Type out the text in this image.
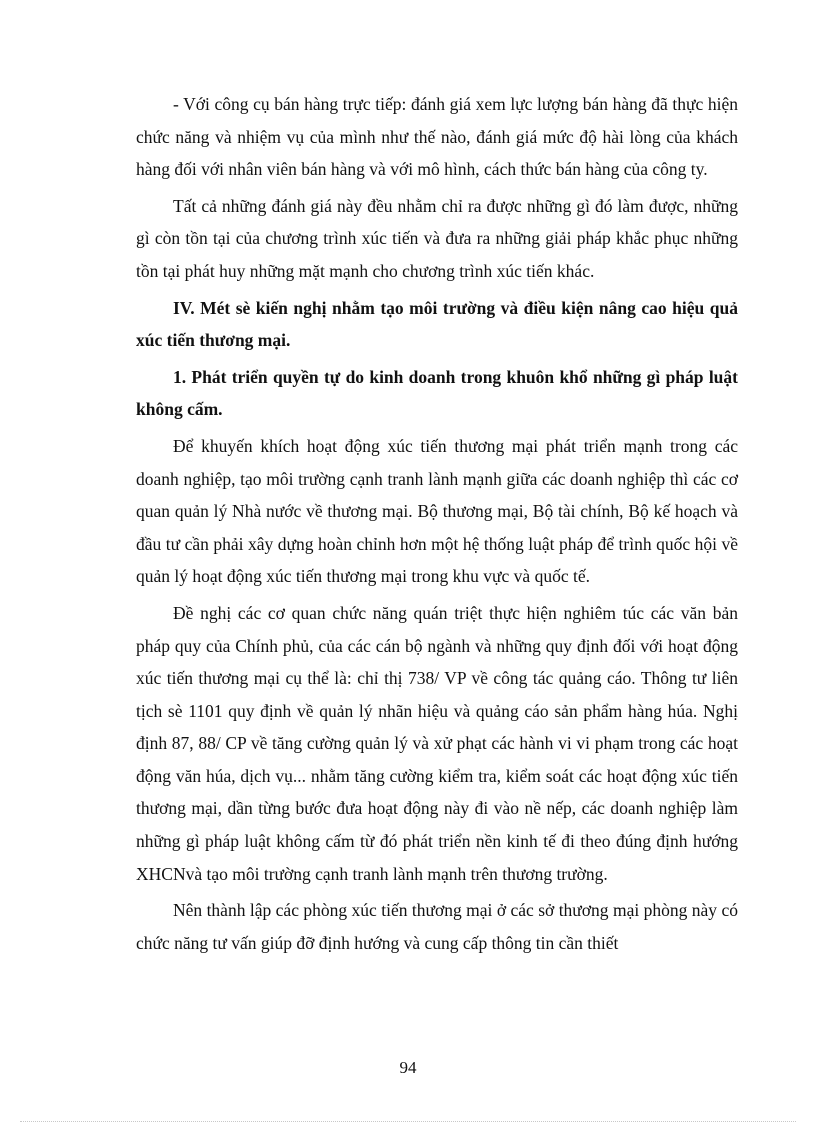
- Với công cụ bán hàng trực tiếp: đánh giá xem lực lượng bán hàng đã thực hiện chức năng và nhiệm vụ của mình như thế nào, đánh giá mức độ hài lòng của khách hàng đối với nhân viên bán hàng và với mô hình, cách thức bán hàng của công ty.

Tất cả những đánh giá này đều nhằm chỉ ra được những gì đó làm được, những gì còn tồn tại của chương trình xúc tiến và đưa ra những giải pháp khắc phục những tồn tại phát huy những mặt mạnh cho chương trình xúc tiến khác.

IV. Mét sè kiến nghị nhằm tạo môi trường và điều kiện nâng cao hiệu quả xúc tiến thương mại.

1. Phát triển quyền tự do kinh doanh trong khuôn khổ những gì pháp luật không cấm.

Để khuyến khích hoạt động xúc tiến thương mại phát triển mạnh trong các doanh nghiệp, tạo môi trường cạnh tranh lành mạnh giữa các doanh nghiệp thì các cơ quan quản lý Nhà nước về thương mại. Bộ thương mại, Bộ tài chính, Bộ kế hoạch và đầu tư cần phải xây dựng hoàn chỉnh hơn một hệ thống luật pháp để trình quốc hội về quản lý hoạt động xúc tiến thương mại trong khu vực và quốc tế.

Đề nghị các cơ quan chức năng quán triệt thực hiện nghiêm túc các văn bản pháp quy của Chính phủ, của các cán bộ ngành và những quy định đối với hoạt động xúc tiến thương mại cụ thể là: chỉ thị 738/ VP về công tác quảng cáo. Thông tư liên tịch sè 1101 quy định về quản lý nhãn hiệu và quảng cáo sản phẩm hàng húa. Nghị định 87, 88/ CP về tăng cường quản lý và xử phạt các hành vi vi phạm trong các hoạt động văn húa, dịch vụ... nhằm tăng cường kiểm tra, kiểm soát các hoạt động xúc tiến thương mại, dần từng bước đưa hoạt động này đi vào nề nếp, các doanh nghiệp làm những gì pháp luật không cấm từ đó phát triển nền kinh tế đi theo đúng định hướng XHCNvà tạo môi trường cạnh tranh lành mạnh trên thương trường.

Nên thành lập các phòng xúc tiến thương mại ở các sở thương mại phòng này có chức năng tư vấn giúp đỡ định hướng và cung cấp thông tin cần thiết

94
